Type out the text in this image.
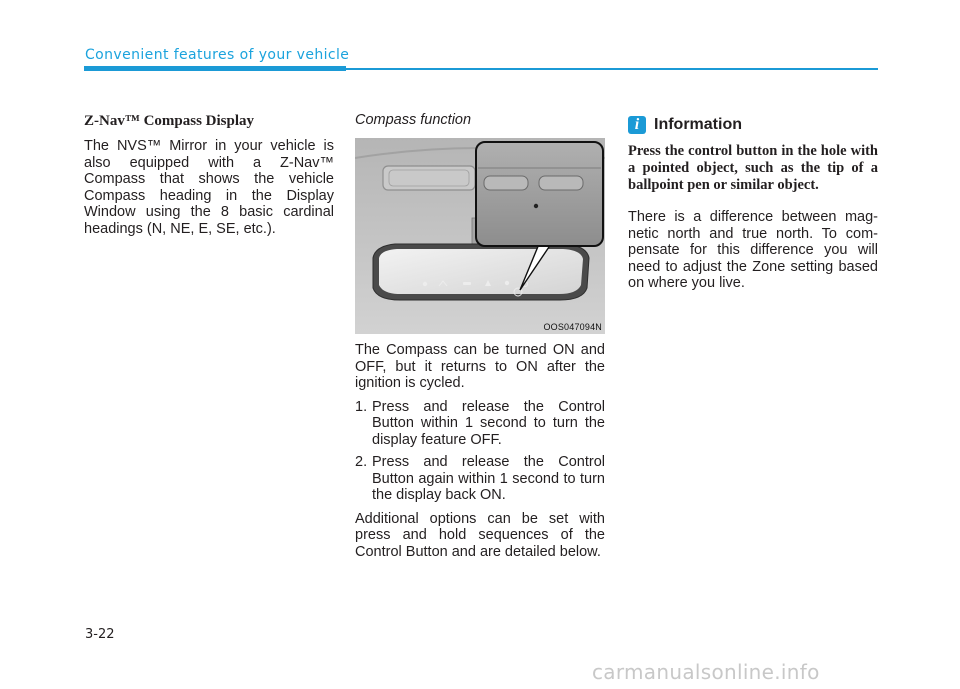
Convenient features of your vehicle
Z-Nav™ Compass Display

The NVS™ Mirror in your vehicle is also equipped with a Z-Nav™ Compass that shows the vehicle Compass heading in the Display Window using the 8 basic cardinal headings (N, NE, E, SE, etc.).

Compass function
OOS047094N

The Compass can be turned ON and OFF, but it returns to ON after the ignition is cycled.

1. Press and release the Control Button within 1 second to turn the display feature OFF.
2. Press and release the Control Button again within 1 second to turn the display back ON.

Additional options can be set with press and hold sequences of the Control Button and are detailed below.

i Information

Press the control button in the hole with a pointed object, such as the tip of a ballpoint pen or similar object.

There is a difference between mag-netic north and true north. To com-pensate for this difference you will need to adjust the Zone setting based on where you live.

3-22
carmanualsonline.info
